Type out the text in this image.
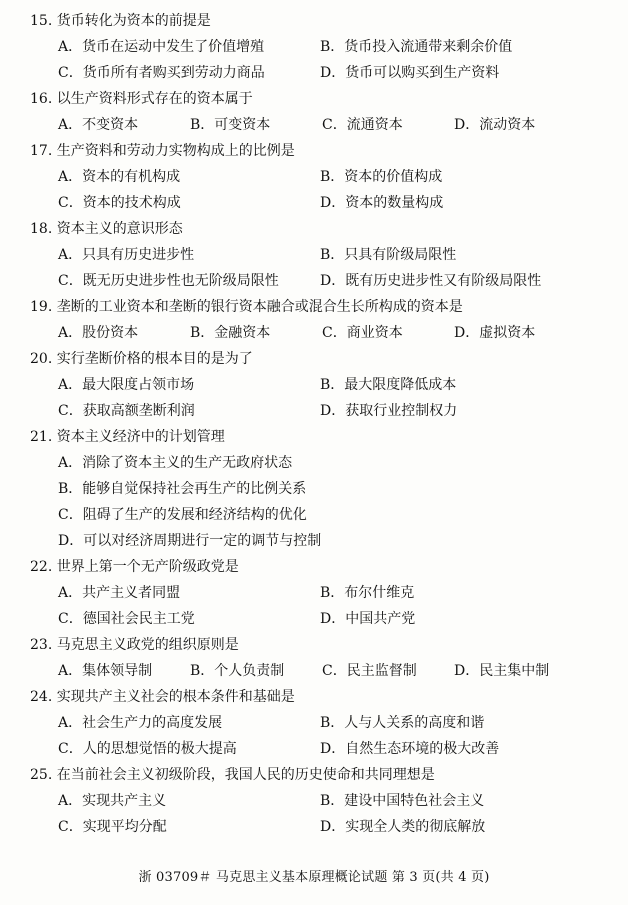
15. 货币转化为资本的前提是
A．货币在运动中发生了价值增殖	B．货币投入流通带来剩余价值
C．货币所有者购买到劳动力商品	D．货币可以购买到生产资料
16. 以生产资料形式存在的资本属于
A．不变资本	B．可变资本	C．流通资本	D．流动资本
17. 生产资料和劳动力实物构成上的比例是
A．资本的有机构成	B．资本的价值构成
C．资本的技术构成	D．资本的数量构成
18. 资本主义的意识形态
A．只具有历史进步性	B．只具有阶级局限性
C．既无历史进步性也无阶级局限性	D．既有历史进步性又有阶级局限性
19. 垄断的工业资本和垄断的银行资本融合或混合生长所构成的资本是
A．股份资本	B．金融资本	C．商业资本	D．虚拟资本
20. 实行垄断价格的根本目的是为了
A．最大限度占领市场	B．最大限度降低成本
C．获取高额垄断利润	D．获取行业控制权力
21. 资本主义经济中的计划管理
A．消除了资本主义的生产无政府状态
B．能够自觉保持社会再生产的比例关系
C．阻碍了生产的发展和经济结构的优化
D．可以对经济周期进行一定的调节与控制
22. 世界上第一个无产阶级政党是
A．共产主义者同盟	B．布尔什维克
C．德国社会民主工党	D．中国共产党
23. 马克思主义政党的组织原则是
A．集体领导制	B．个人负责制	C．民主监督制	D．民主集中制
24. 实现共产主义社会的根本条件和基础是
A．社会生产力的高度发展	B．人与人关系的高度和谐
C．人的思想觉悟的极大提高	D．自然生态环境的极大改善
25. 在当前社会主义初级阶段，我国人民的历史使命和共同理想是
A．实现共产主义	B．建设中国特色社会主义
C．实现平均分配	D．实现全人类的彻底解放
浙 03709＃ 马克思主义基本原理概论试题 第 3 页(共 4 页)
